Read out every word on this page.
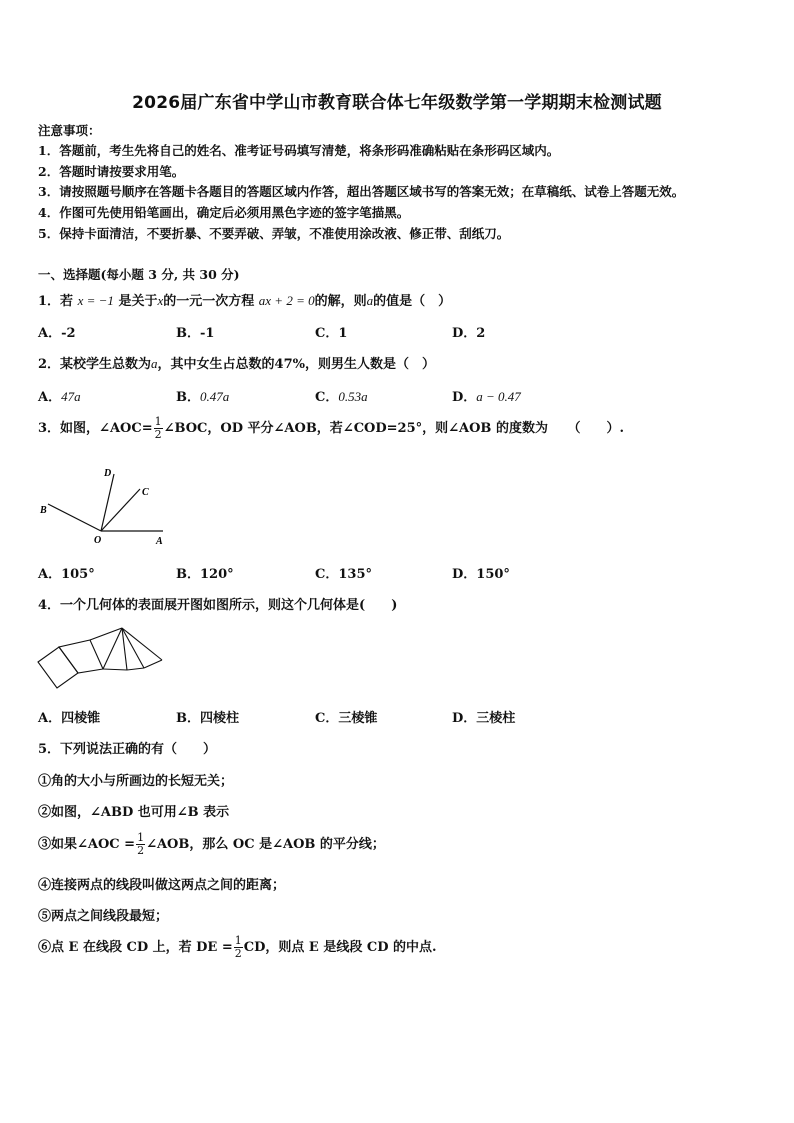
2026届广东省中学山市教育联合体七年级数学第一学期期末检测试题
注意事项：
1．答题前，考生先将自己的姓名、准考证号码填写清楚，将条形码准确粘贴在条形码区域内。
2．答题时请按要求用笔。
3．请按照题号顺序在答题卡各题目的答题区域内作答，超出答题区域书写的答案无效；在草稿纸、试卷上答题无效。
4．作图可先使用铅笔画出，确定后必须用黑色字迹的签字笔描黑。
5．保持卡面清洁，不要折暴、不要弄破、弄皱，不准使用涂改液、修正带、刮纸刀。
一、选择题(每小题 3 分, 共 30 分)
1．若 x = −1 是关于x的一元一次方程 ax + 2 = 0的解，则a的值是（　）
A．-2	B．-1	C．1	D．2
2．某校学生总数为a，其中女生占总数的47%，则男生人数是（　）
A．47a	B．0.47a	C．0.53a	D．a − 0.47
3．如图，∠AOC= $\frac{1}{2}$ ∠BOC，OD 平分∠AOB，若∠COD=25°，则∠AOB 的度数为　　（　　）.
D
C
B
O	A
A．105°	B．120°	C．135°	D．150°
4．一个几何体的表面展开图如图所示，则这个几何体是(　　)
A．四棱锥	B．四棱柱	C．三棱锥	D．三棱柱
5．下列说法正确的有（　　）
①角的大小与所画边的长短无关；
②如图，∠ABD 也可用∠B 表示
③如果∠AOC = $\frac{1}{2}$ ∠AOB，那么 OC 是∠AOB 的平分线；
④连接两点的线段叫做这两点之间的距离；
⑤两点之间线段最短；
⑥点 E 在线段 CD 上，若 DE = $\frac{1}{2}$ CD，则点 E 是线段 CD 的中点.
